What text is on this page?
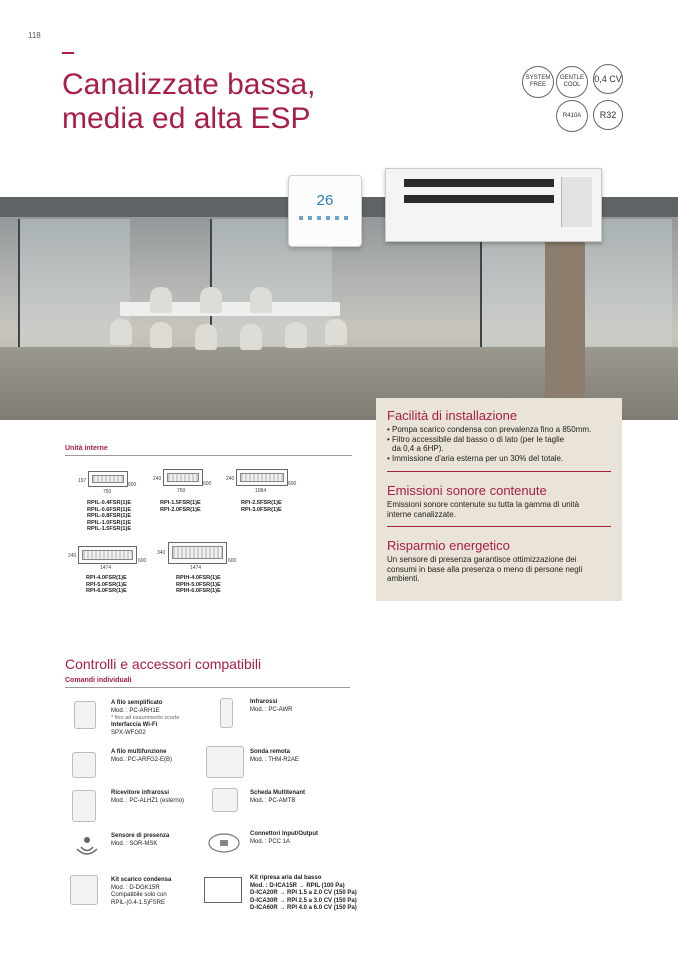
118
Canalizzate bassa, media ed alta ESP
SYSTEM FREE
GENTLE COOL
0,4 CV
R410A	R32
26
Facilità di installazione
• Pompa scarico condensa con prevalenza fino a 850mm.
• Filtro accessibile dal basso o di lato (per le taglie
da 0,4 a 6HP).
• Immissione d’aria esterna per un 30% del totale.
Emissioni sonore contenute
Emissioni sonore contenute su tutta la gamma di unità
interne canalizzate.
Risparmio energetico
Un sensore di presenza garantisce ottimizzazione dei
consumi in base alla presenza o meno di persone negli
ambienti.
Unità interne
197
750
600
RPIL-0.4FSR(1)E
RPIL-0.6FSR(1)E
RPIL-0.8FSR(1)E
RPIL-1.0FSR(1)E
RPIL-1.5FSR(1)E
240
750
600
RPI-1.5FSR(1)E
RPI-2.0FSR(1)E
240
1084
600
RPI-2.5FSR(1)E
RPI-3.0FSR(1)E
240
1474
600
RPI-4.0FSR(1)E
RPI-5.0FSR(1)E
RPI-6.0FSR(1)E
340
1474
600
RPIH-4.0FSR(1)E
RPIH-5.0FSR(1)E
RPIH-6.0FSR(1)E
Controlli e accessori compatibili
Comandi individuali
A filo semplificato
Mod. : PC-ARH1E
* fino ad esaurimento scorte
Interfaccia Wi-Fi
SPX-WFG02
A filo multifunzione
Mod. :PC-ARFG2-E(B)
Ricevitore infrarossi
Mod. : PC-ALHZ1 (esterno)
Sensore di presenza
Mod. : SOR-MSK
Kit scarico condensa
Mod. : D-DGK15R
Compatibile solo con
RPIL-(0.4-1.5)FSRE
Infrarossi
Mod. : PC-AWR
Sonda remota
Mod. : THM-R2AE
Scheda Multitenant
Mod. : PC-AMTB
Connettori Input/Output
Mod. : PCC 1A
Kit ripresa aria dal basso
Mod. : D-ICA15R → RPIL (100 Pa)
D-ICA20R → RPI 1.5 a 2.0 CV (150 Pa)
D-ICA30R → RPI 2.5 a 3.0 CV (150 Pa)
D-ICA60R → RPI 4.0 a 6.0 CV (150 Pa)
